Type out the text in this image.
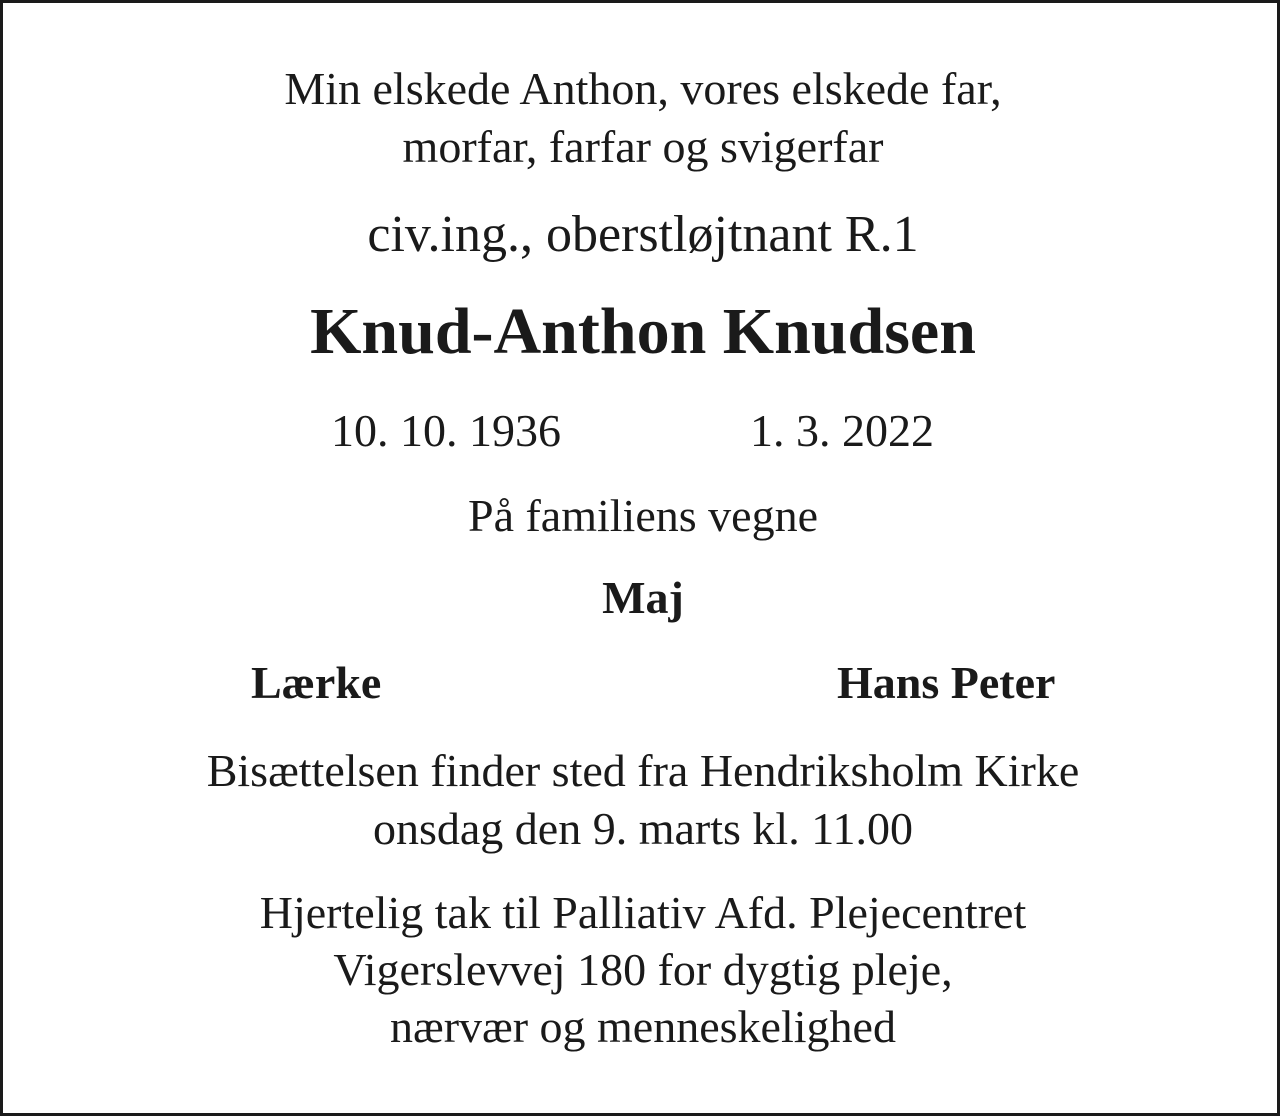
Min elskede Anthon, vores elskede far,
morfar, farfar og svigerfar
civ.ing., oberstløjtnant R.1
Knud-Anthon Knudsen
10. 10. 1936	1. 3. 2022
På familiens vegne
Maj
Lærke	Hans Peter
Bisættelsen finder sted fra Hendriksholm Kirke
onsdag den 9. marts kl. 11.00
Hjertelig tak til Palliativ Afd. Plejecentret
Vigerslevvej 180 for dygtig pleje,
nærvær og menneskelighed
